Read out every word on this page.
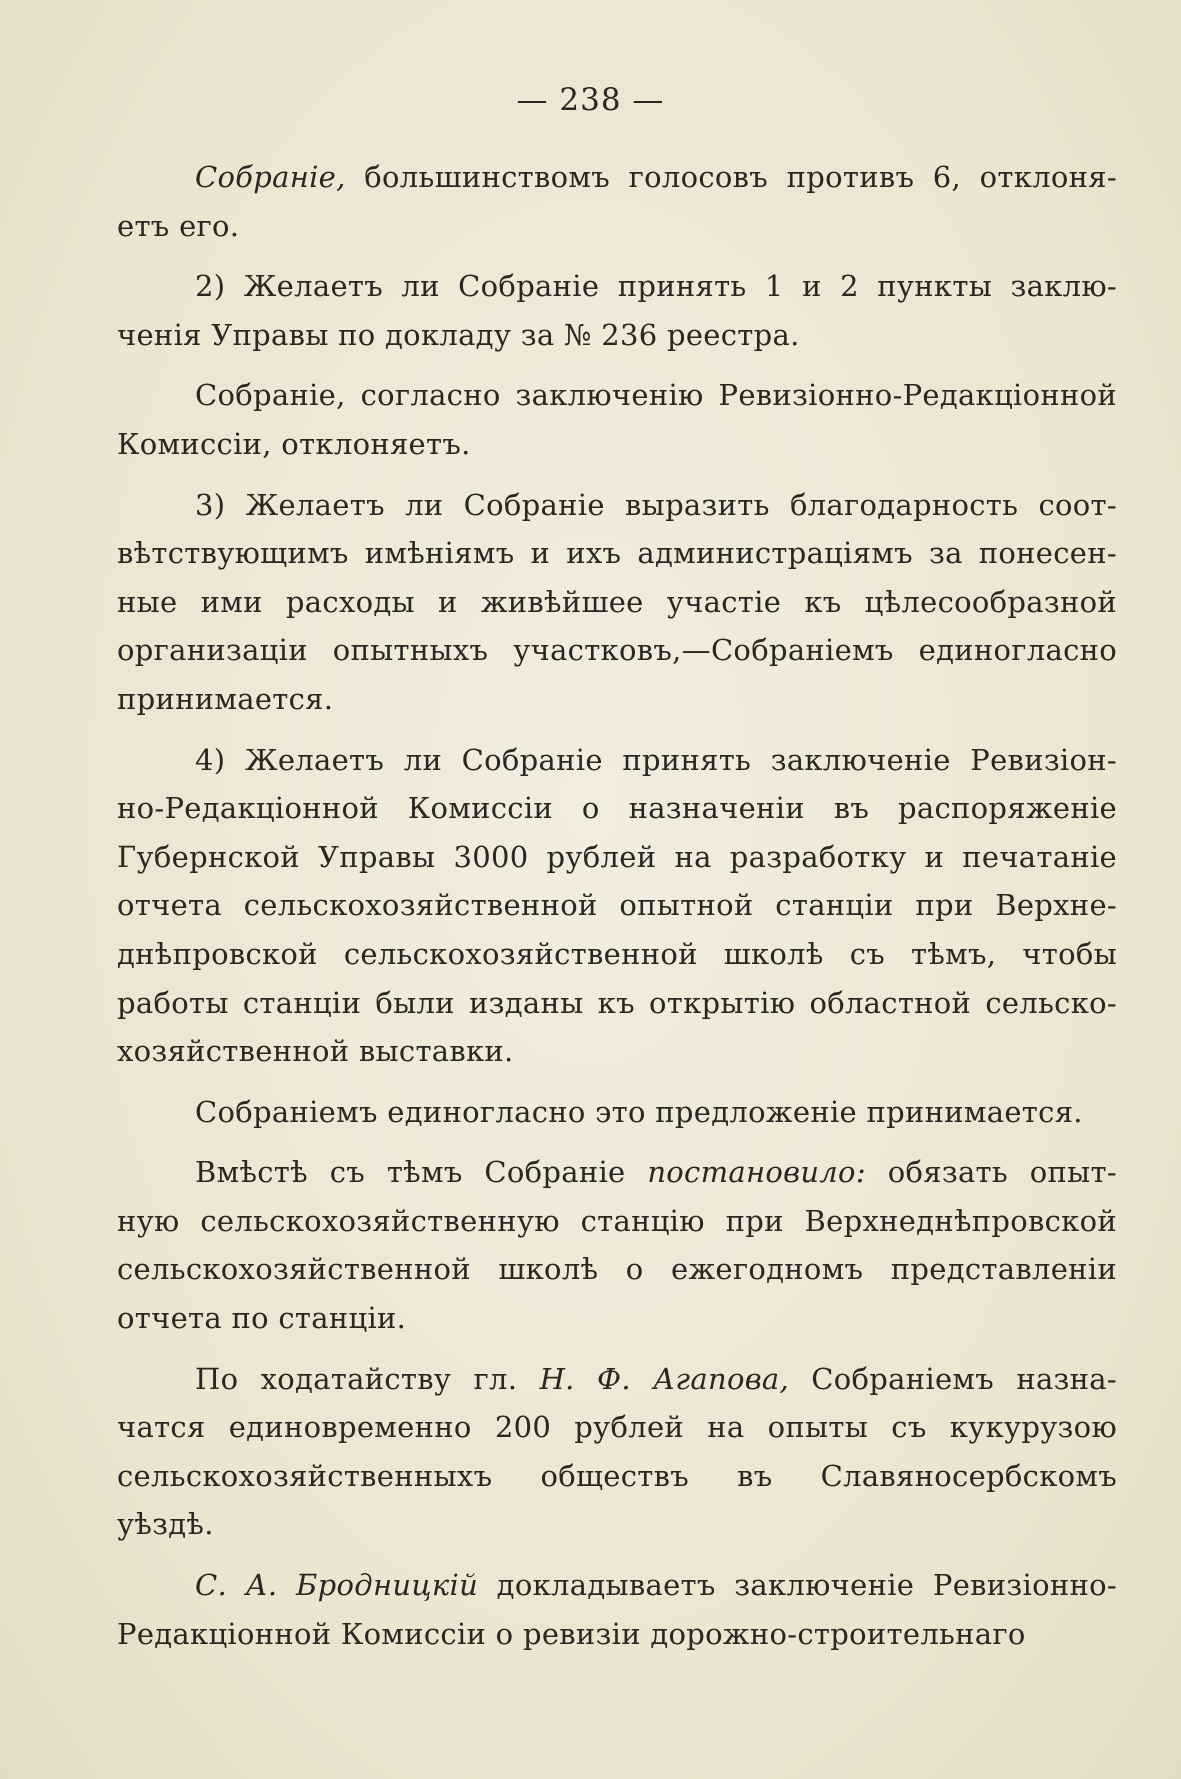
— 238 —
Собраніе, большинствомъ голосовъ противъ 6, отклоня-
етъ его.
2) Желаетъ ли Собраніе принять 1 и 2 пункты заклю-
ченія Управы по докладу за № 236 реестра.
Собраніе, согласно заключенію Ревизіонно-Редакціонной
Комиссіи, отклоняетъ.
3) Желаетъ ли Собраніе выразить благодарность соот-
вѣтствующимъ имѣніямъ и ихъ администраціямъ за понесен-
ные ими расходы и живѣйшее участіе къ цѣлесообразной
организаціи опытныхъ участковъ,—Собраніемъ единогласно
принимается.
4) Желаетъ ли Собраніе принять заключеніе Ревизіон-
но-Редакціонной Комиссіи о назначеніи въ распоряженіе
Губернской Управы 3000 рублей на разработку и печатаніе
отчета сельскохозяйственной опытной станціи при Верхне-
днѣпровской сельскохозяйственной школѣ съ тѣмъ, чтобы
работы станціи были изданы къ открытію областной сельско-
хозяйственной выставки.
Собраніемъ единогласно это предложеніе принимается.
Вмѣстѣ съ тѣмъ Собраніе постановило: обязать опыт-
ную сельскохозяйственную станцію при Верхнеднѣпровской
сельскохозяйственной школѣ о ежегодномъ представленіи
отчета по станціи.
По ходатайству гл. Н. Ф. Агапова, Собраніемъ назна-
чатся единовременно 200 рублей на опыты съ кукурузою
сельскохозяйственныхъ обществъ въ Славяносербскомъ
уѣздѣ.
С. А. Бродницкій докладываетъ заключеніе Ревизіонно-
Редакціонной Комиссіи о ревизіи дорожно-строительнаго
